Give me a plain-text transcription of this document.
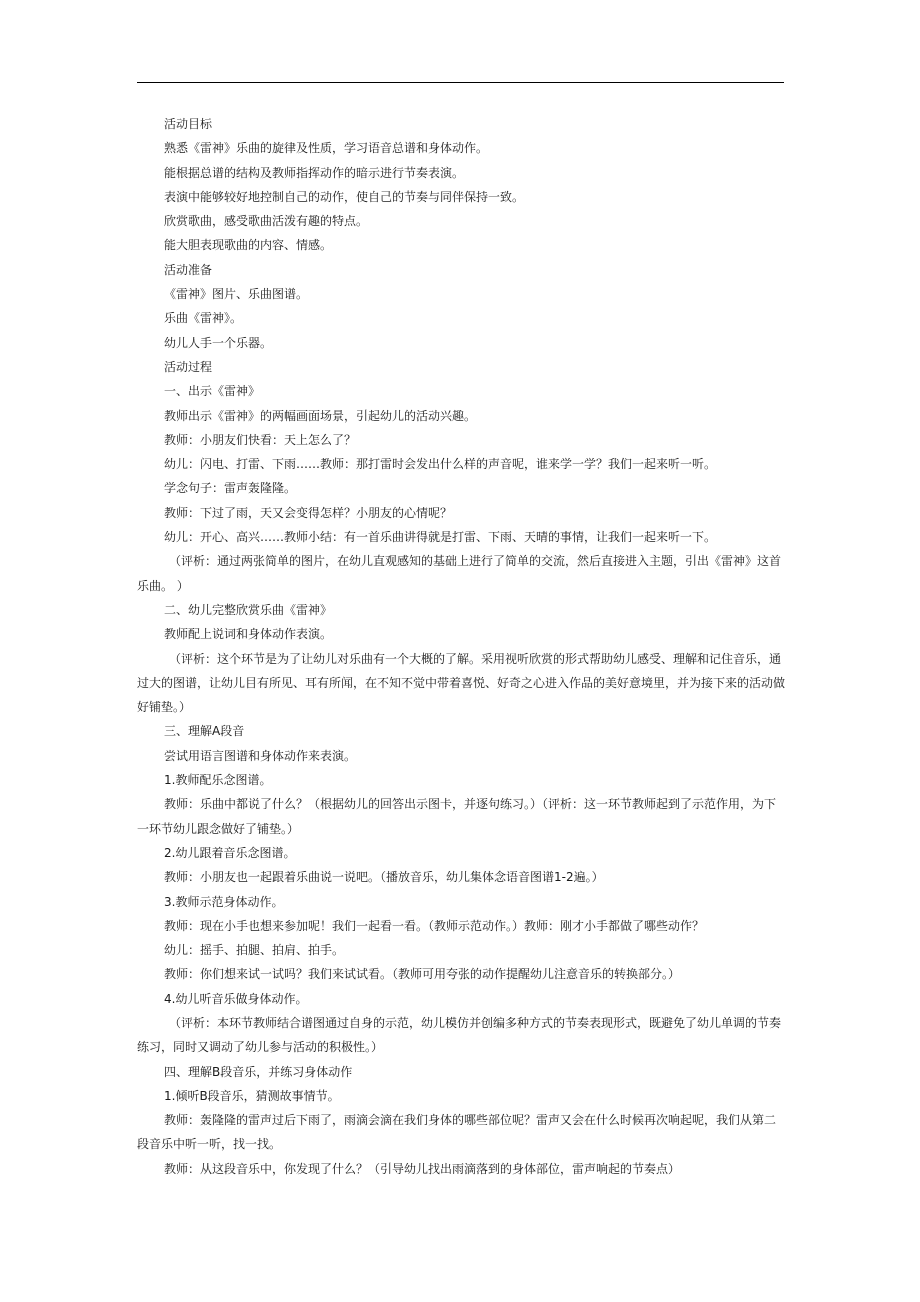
活动目标

熟悉《雷神》乐曲的旋律及性质，学习语音总谱和身体动作。

能根据总谱的结构及教师指挥动作的暗示进行节奏表演。

表演中能够较好地控制自己的动作，使自己的节奏与同伴保持一致。

欣赏歌曲，感受歌曲活泼有趣的特点。

能大胆表现歌曲的内容、情感。

活动准备

《雷神》图片、乐曲图谱。

乐曲《雷神》。

幼儿人手一个乐器。

活动过程

一、出示《雷神》

教师出示《雷神》的两幅画面场景，引起幼儿的活动兴趣。

教师：小朋友们快看：天上怎么了？

幼儿：闪电、打雷、下雨……教师：那打雷时会发出什么样的声音呢，谁来学一学？我们一起来听一听。

学念句子：雷声轰隆隆。

教师：下过了雨，天又会变得怎样？小朋友的心情呢？

幼儿：开心、高兴……教师小结：有一首乐曲讲得就是打雷、下雨、天晴的事情，让我们一起来听一下。

（评析：通过两张简单的图片，在幼儿直观感知的基础上进行了简单的交流，然后直接进入主题，引出《雷神》这首乐曲。 ）

二、幼儿完整欣赏乐曲《雷神》

教师配上说词和身体动作表演。

（评析：这个环节是为了让幼儿对乐曲有一个大概的了解。采用视听欣赏的形式帮助幼儿感受、理解和记住音乐，通过大的图谱，让幼儿目有所见、耳有所闻，在不知不觉中带着喜悦、好奇之心进入作品的美好意境里，并为接下来的活动做好铺垫。）

三、理解A段音

尝试用语言图谱和身体动作来表演。

1.教师配乐念图谱。

教师：乐曲中都说了什么？（根据幼儿的回答出示图卡，并逐句练习。）（评析：这一环节教师起到了示范作用，为下一环节幼儿跟念做好了铺垫。）

2.幼儿跟着音乐念图谱。

教师：小朋友也一起跟着乐曲说一说吧。（播放音乐，幼儿集体念语音图谱1-2遍。）

3.教师示范身体动作。

教师：现在小手也想来参加呢！我们一起看一看。（教师示范动作。）教师：刚才小手都做了哪些动作？

幼儿：摇手、拍腿、拍肩、拍手。

教师：你们想来试一试吗？我们来试试看。（教师可用夸张的动作提醒幼儿注意音乐的转换部分。）

4.幼儿听音乐做身体动作。

（评析：本环节教师结合谱图通过自身的示范，幼儿模仿并创编多种方式的节奏表现形式，既避免了幼儿单调的节奏练习，同时又调动了幼儿参与活动的积极性。）

四、理解B段音乐，并练习身体动作

1.倾听B段音乐，猜测故事情节。

教师：轰隆隆的雷声过后下雨了，雨滴会滴在我们身体的哪些部位呢？雷声又会在什么时候再次响起呢，我们从第二段音乐中听一听，找一找。

教师：从这段音乐中，你发现了什么？（引导幼儿找出雨滴落到的身体部位，雷声响起的节奏点）
